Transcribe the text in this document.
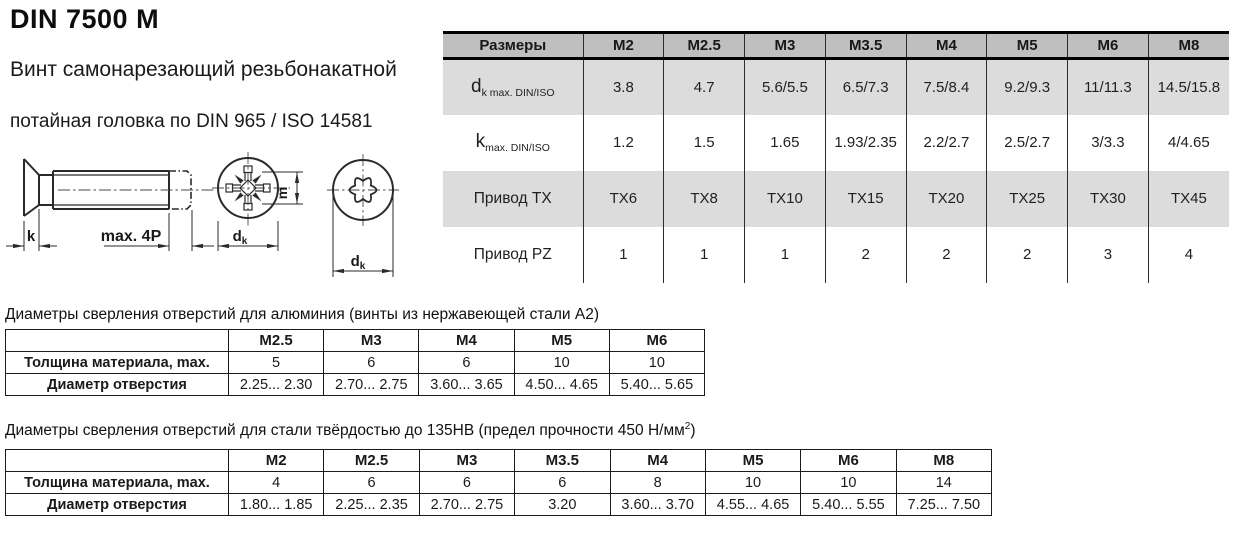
DIN 7500 M
Винт самонарезающий резьбонакатной
потайная головка по DIN 965 / ISO 14581
k	max. 4P	$d_k$
m
$d_k$
Размеры	M2	M2.5	M3	M3.5	M4	M5	M6	M8
$d_{k max. DIN/ISO}$	3.8	4.7	5.6/5.5	6.5/7.3	7.5/8.4	9.2/9.3	11/11.3	14.5/15.8
$k_{max. DIN/ISO}$	1.2	1.5	1.65	1.93/2.35	2.2/2.7	2.5/2.7	3/3.3	4/4.65
Привод TX	TX6	TX8	TX10	TX15	TX20	TX25	TX30	TX45
Привод PZ	1	1	1	2	2	2	3	4
Диаметры сверления отверстий для алюминия (винты из нержавеющей стали A2)
	M2.5	M3	M4	M5	M6
Толщина материала, max.	5	6	6	10	10
Диаметр отверстия	2.25... 2.30	2.70... 2.75	3.60... 3.65	4.50... 4.65	5.40... 5.65
Диаметры сверления отверстий для стали твёрдостью до 135HB (предел прочности 450 $Н/мм^2$)
	M2	M2.5	M3	M3.5	M4	M5	M6	M8
Толщина материала, max.	4	6	6	6	8	10	10	14
Диаметр отверстия	1.80... 1.85	2.25... 2.35	2.70... 2.75	3.20	3.60... 3.70	4.55... 4.65	5.40... 5.55	7.25... 7.50
